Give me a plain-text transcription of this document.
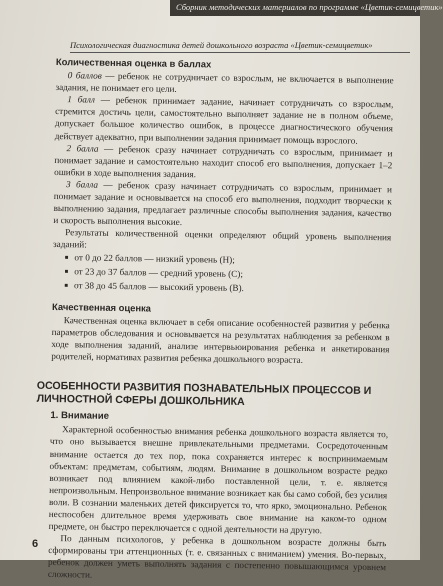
Сборник методических материалов по программе «Цветик-семицветик»
Психологическая диагностика детей дошкольного возраста «Цветик-семицветик»
Количественная оценка в баллах

0 баллов — ребенок не сотрудничает со взрослым, не включается в выполнение задания, не понимает его цели.

1 балл — ребенок принимает задание, начинает сотрудничать со взрослым, стремится достичь цели, самостоятельно выполняет задание не в полном объеме, допускает большое количество ошибок, в процессе диагностического обучения действует адекватно, при выполнении задания принимает помощь взрослого.

2 балла — ребенок сразу начинает сотрудничать со взрослым, принимает и понимает задание и самостоятельно находит способ его выполнения, допускает 1–2 ошибки в ходе выполнения задания.

3 балла — ребенок сразу начинает сотрудничать со взрослым, принимает и понимает задание и основывается на способ его выполнения, подходит творчески к выполнению задания, предлагает различные способы выполнения задания, качество и скорость выполнения высокие.

Результаты количественной оценки определяют общий уровень выполнения заданий:

■ от 0 до 22 баллов — низкий уровень (Н);
■ от 23 до 37 баллов — средний уровень (С);
■ от 38 до 45 баллов — высокий уровень (В).
Качественная оценка

Качественная оценка включает в себя описание особенностей развития у ребенка параметров обследования и основывается на результатах наблюдения за ребенком в ходе выполнения заданий, анализе интервьюирования ребенка и анкетирования родителей, нормативах развития ребенка дошкольного возраста.

ОСОБЕННОСТИ РАЗВИТИЯ ПОЗНАВАТЕЛЬНЫХ ПРОЦЕССОВ И ЛИЧНОСТНОЙ СФЕРЫ ДОШКОЛЬНИКА
1. Внимание

Характерной особенностью внимания ребенка дошкольного возраста является то, что оно вызывается внешне привлекательными предметами. Сосредоточенным внимание остается до тех пор, пока сохраняется интерес к воспринимаемым объектам: предметам, событиям, людям. Внимание в дошкольном возрасте редко возникает под влиянием какой-либо поставленной цели, т. е. является непроизвольным. Непроизвольное внимание возникает как бы само собой, без усилия воли. В сознании маленьких детей фиксируется то, что ярко, эмоционально. Ребенок неспособен длительное время удерживать свое внимание на каком-то одном предмете, он быстро переключается с одной деятельности на другую.

По данным психологов, у ребенка в дошкольном возрасте должны быть сформированы три аттенционных (т. е. связанных с вниманием) умения. Во-первых, ребенок должен уметь выполнять задания с постепенно повышающимся уровнем сложности.

6
